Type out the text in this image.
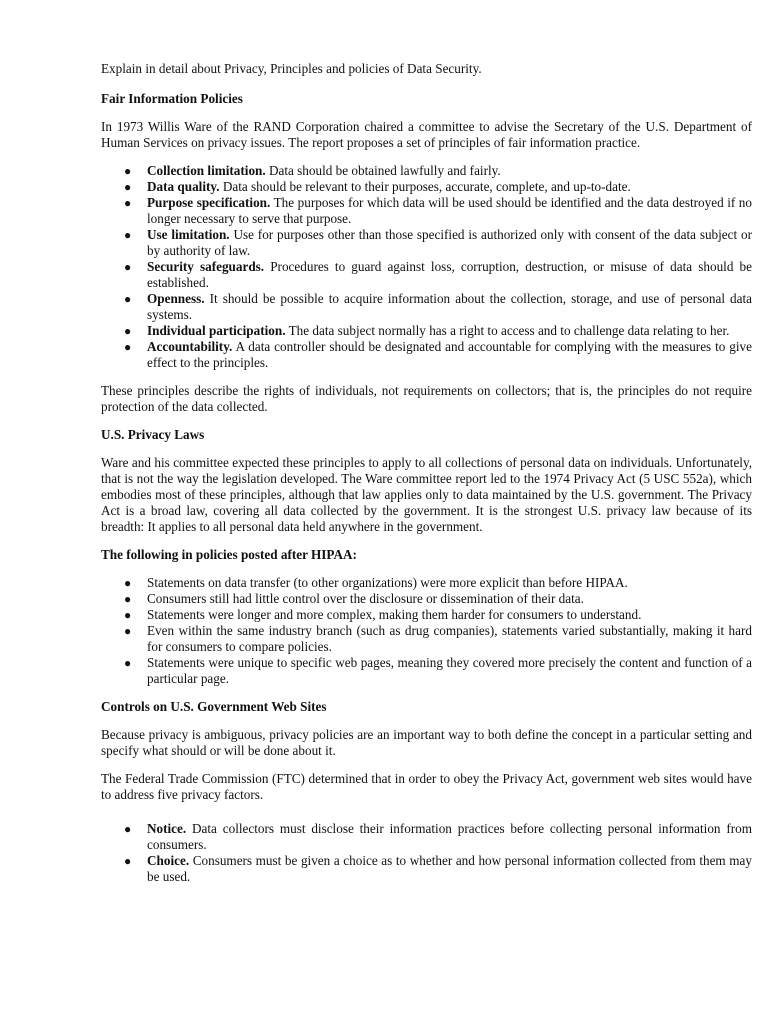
Explain in detail about Privacy, Principles and policies of Data Security.

Fair Information Policies

In 1973 Willis Ware of the RAND Corporation chaired a committee to advise the Secretary of the U.S. Department of Human Services on privacy issues. The report proposes a set of principles of fair information practice.

● Collection limitation. Data should be obtained lawfully and fairly.
● Data quality. Data should be relevant to their purposes, accurate, complete, and up-to-date.
● Purpose specification. The purposes for which data will be used should be identified and the data destroyed if no longer necessary to serve that purpose.
● Use limitation. Use for purposes other than those specified is authorized only with consent of the data subject or by authority of law.
● Security safeguards. Procedures to guard against loss, corruption, destruction, or misuse of data should be established.
● Openness. It should be possible to acquire information about the collection, storage, and use of personal data systems.
● Individual participation. The data subject normally has a right to access and to challenge data relating to her.
● Accountability. A data controller should be designated and accountable for complying with the measures to give effect to the principles.

These principles describe the rights of individuals, not requirements on collectors; that is, the principles do not require protection of the data collected.

U.S. Privacy Laws

Ware and his committee expected these principles to apply to all collections of personal data on individuals. Unfortunately, that is not the way the legislation developed. The Ware committee report led to the 1974 Privacy Act (5 USC 552a), which embodies most of these principles, although that law applies only to data maintained by the U.S. government. The Privacy Act is a broad law, covering all data collected by the government. It is the strongest U.S. privacy law because of its breadth: It applies to all personal data held anywhere in the government.

The following in policies posted after HIPAA:

● Statements on data transfer (to other organizations) were more explicit than before HIPAA.
● Consumers still had little control over the disclosure or dissemination of their data.
● Statements were longer and more complex, making them harder for consumers to understand.
● Even within the same industry branch (such as drug companies), statements varied substantially, making it hard for consumers to compare policies.
● Statements were unique to specific web pages, meaning they covered more precisely the content and function of a particular page.

Controls on U.S. Government Web Sites

Because privacy is ambiguous, privacy policies are an important way to both define the concept in a particular setting and specify what should or will be done about it.

The Federal Trade Commission (FTC) determined that in order to obey the Privacy Act, government web sites would have to address five privacy factors.

● Notice. Data collectors must disclose their information practices before collecting personal information from consumers.
● Choice. Consumers must be given a choice as to whether and how personal information collected from them may be used.
